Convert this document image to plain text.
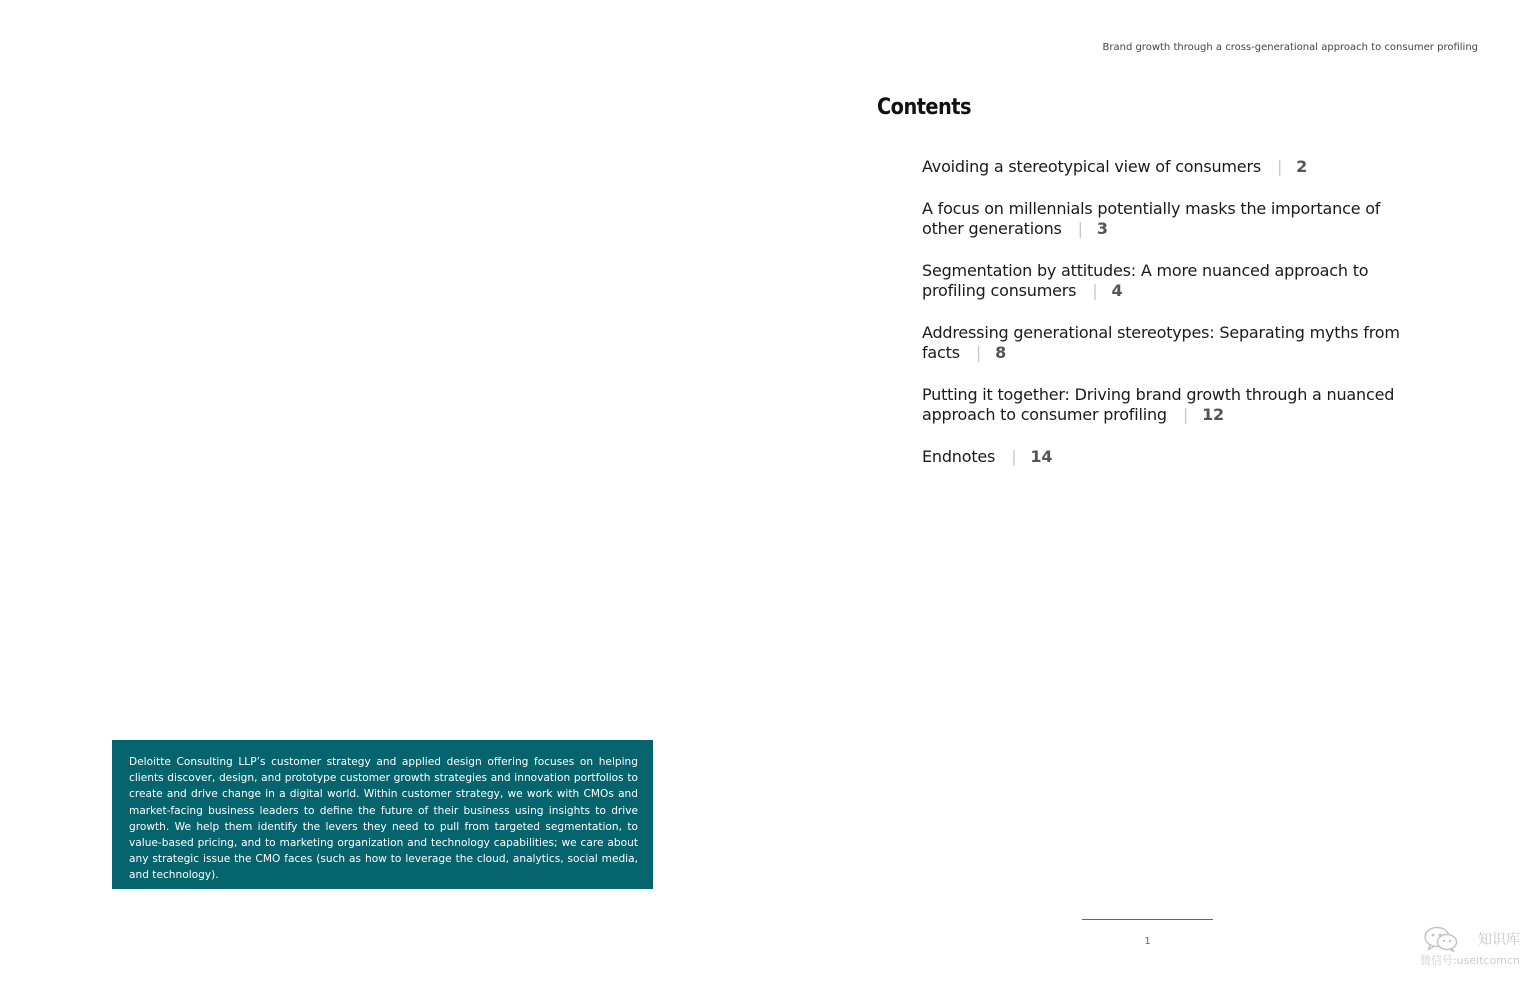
Brand growth through a cross-generational approach to consumer profiling
Contents
Avoiding a stereotypical view of consumers | 2
A focus on millennials potentially masks the importance of other generations | 3
Segmentation by attitudes: A more nuanced approach to profiling consumers | 4
Addressing generational stereotypes: Separating myths from facts | 8
Putting it together: Driving brand growth through a nuanced approach to consumer profiling | 12
Endnotes | 14

Deloitte Consulting LLP’s customer strategy and applied design offering focuses on helping clients discover, design, and prototype customer growth strategies and innovation portfolios to create and drive change in a digital world. Within customer strategy, we work with CMOs and market-facing business leaders to define the future of their business using insights to drive growth. We help them identify the levers they need to pull from targeted segmentation, to value-based pricing, and to marketing organization and technology capabilities; we care about any strategic issue the CMO faces (such as how to leverage the cloud, analytics, social media, and technology).

1	知识库
微信号:useitcomcn
